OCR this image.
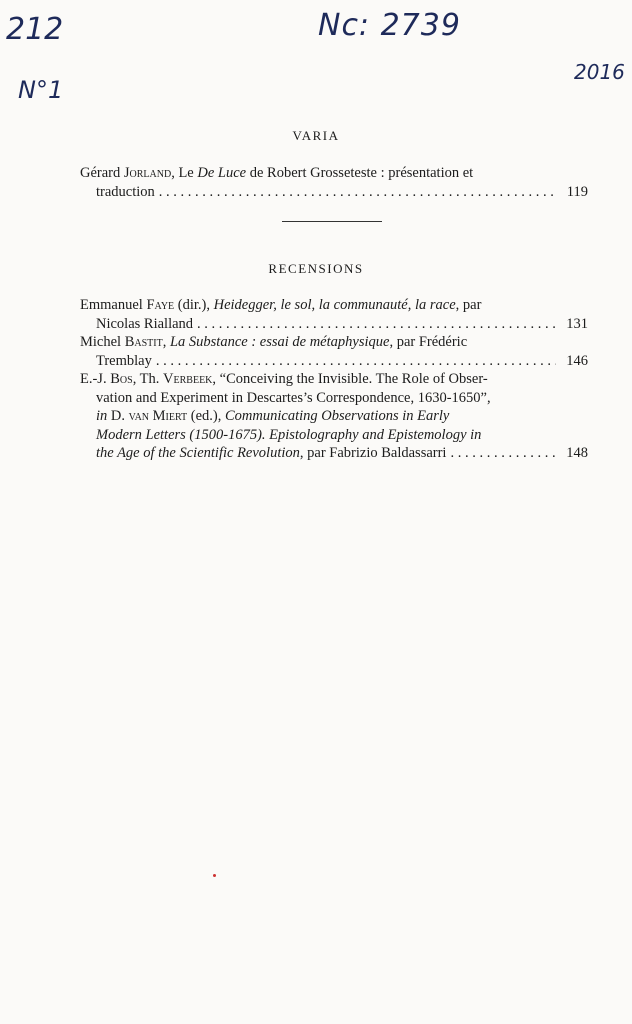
212	Nc: 2739
N°1
2016
VARIA
Gérard Jorland, Le De Luce de Robert Grosseteste : présentation et
traduction . . .	119
RECENSIONS
Emmanuel Faye (dir.), Heidegger, le sol, la communauté, la race, par
Nicolas Rialland . . .	131
Michel Bastit, La Substance : essai de métaphysique, par Frédéric
Tremblay . . .	146
E.-J. Bos, Th. Verbeek, “Conceiving the Invisible. The Role of Obser-
vation and Experiment in Descartes’s Correspondence, 1630-1650”,
in D. van Miert (ed.), Communicating Observations in Early
Modern Letters (1500-1675). Epistolography and Epistemology in
the Age of the Scientific Revolution, par Fabrizio Baldassarri . . .	148
